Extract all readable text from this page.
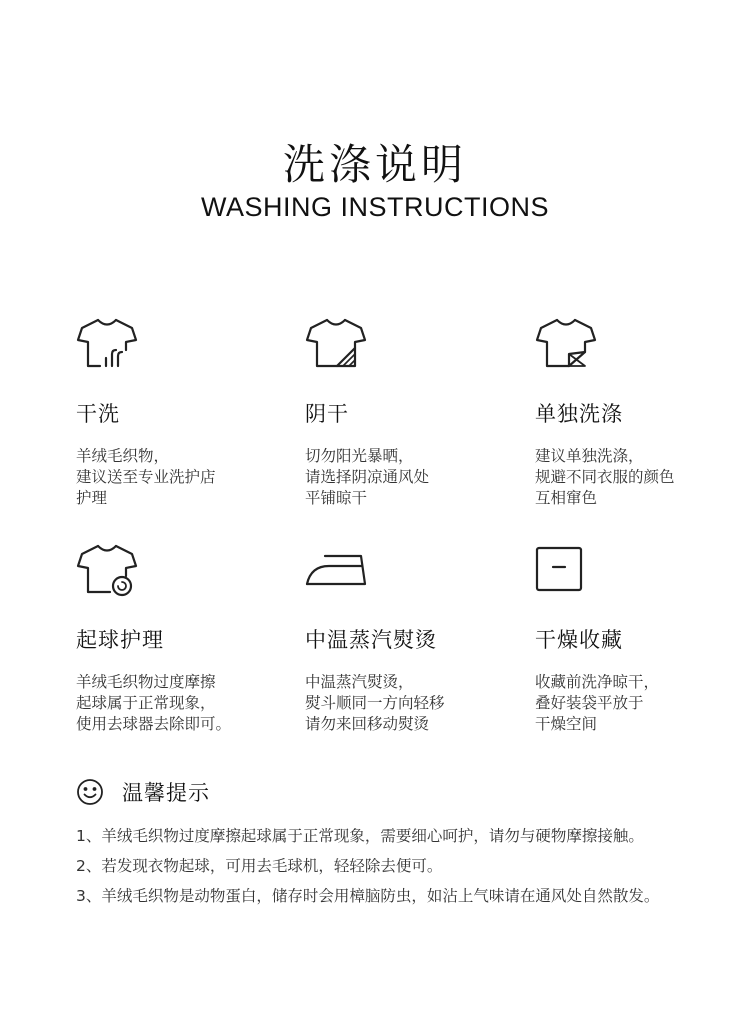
洗涤说明
WASHING INSTRUCTIONS
干洗
羊绒毛织物，
建议送至专业洗护店
护理
阴干
切勿阳光暴晒，
请选择阴凉通风处
平铺晾干
单独洗涤
建议单独洗涤，
规避不同衣服的颜色
互相窜色
起球护理
羊绒毛织物过度摩擦
起球属于正常现象，
使用去球器去除即可。
中温蒸汽熨烫
中温蒸汽熨烫，
熨斗顺同一方向轻移
请勿来回移动熨烫
干燥收藏
收藏前洗净晾干，
叠好装袋平放于
干燥空间
温馨提示
1、羊绒毛织物过度摩擦起球属于正常现象，需要细心呵护，请勿与硬物摩擦接触。
2、若发现衣物起球，可用去毛球机，轻轻除去便可。
3、羊绒毛织物是动物蛋白，储存时会用樟脑防虫，如沾上气味请在通风处自然散发。
